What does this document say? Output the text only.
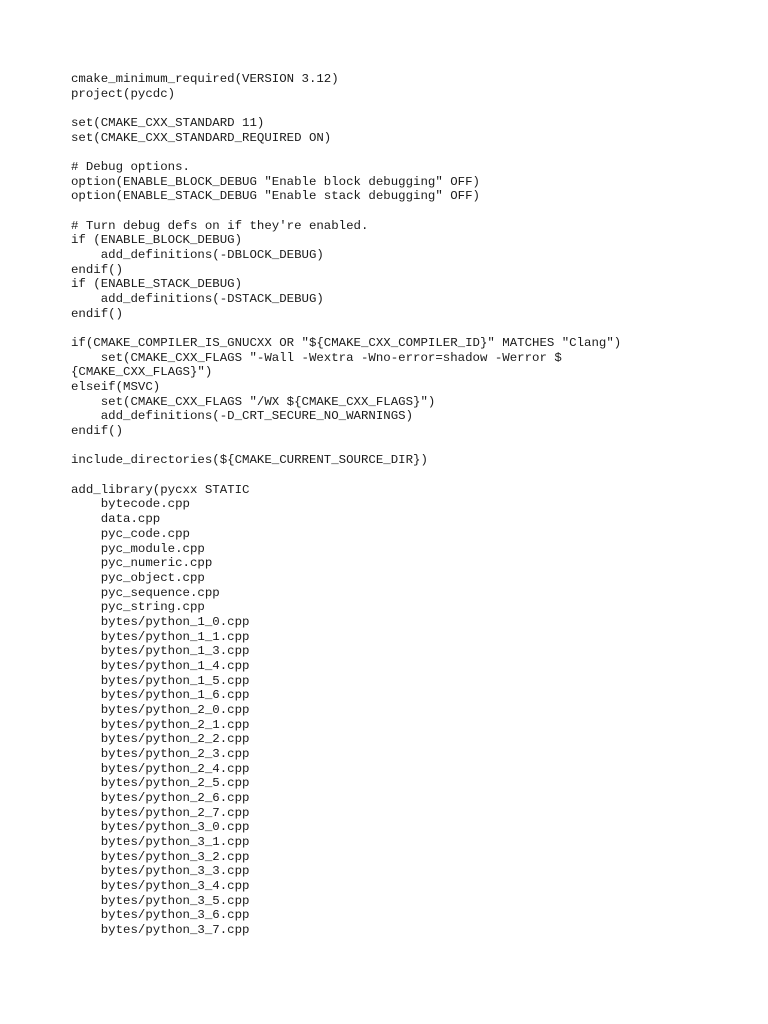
cmake_minimum_required(VERSION 3.12)
project(pycdc)
set(CMAKE_CXX_STANDARD 11)
set(CMAKE_CXX_STANDARD_REQUIRED ON)
# Debug options.
option(ENABLE_BLOCK_DEBUG "Enable block debugging" OFF)
option(ENABLE_STACK_DEBUG "Enable stack debugging" OFF)
# Turn debug defs on if they're enabled.
if (ENABLE_BLOCK_DEBUG)
add_definitions(-DBLOCK_DEBUG)
endif()
if (ENABLE_STACK_DEBUG)
add_definitions(-DSTACK_DEBUG)
endif()
if(CMAKE_COMPILER_IS_GNUCXX OR "${CMAKE_CXX_COMPILER_ID}" MATCHES "Clang")
set(CMAKE_CXX_FLAGS "-Wall -Wextra -Wno-error=shadow -Werror $
{CMAKE_CXX_FLAGS}")
elseif(MSVC)
set(CMAKE_CXX_FLAGS "/WX ${CMAKE_CXX_FLAGS}")
add_definitions(-D_CRT_SECURE_NO_WARNINGS)
endif()
include_directories(${CMAKE_CURRENT_SOURCE_DIR})
add_library(pycxx STATIC
bytecode.cpp
data.cpp
pyc_code.cpp
pyc_module.cpp
pyc_numeric.cpp
pyc_object.cpp
pyc_sequence.cpp
pyc_string.cpp
bytes/python_1_0.cpp
bytes/python_1_1.cpp
bytes/python_1_3.cpp
bytes/python_1_4.cpp
bytes/python_1_5.cpp
bytes/python_1_6.cpp
bytes/python_2_0.cpp
bytes/python_2_1.cpp
bytes/python_2_2.cpp
bytes/python_2_3.cpp
bytes/python_2_4.cpp
bytes/python_2_5.cpp
bytes/python_2_6.cpp
bytes/python_2_7.cpp
bytes/python_3_0.cpp
bytes/python_3_1.cpp
bytes/python_3_2.cpp
bytes/python_3_3.cpp
bytes/python_3_4.cpp
bytes/python_3_5.cpp
bytes/python_3_6.cpp
bytes/python_3_7.cpp
